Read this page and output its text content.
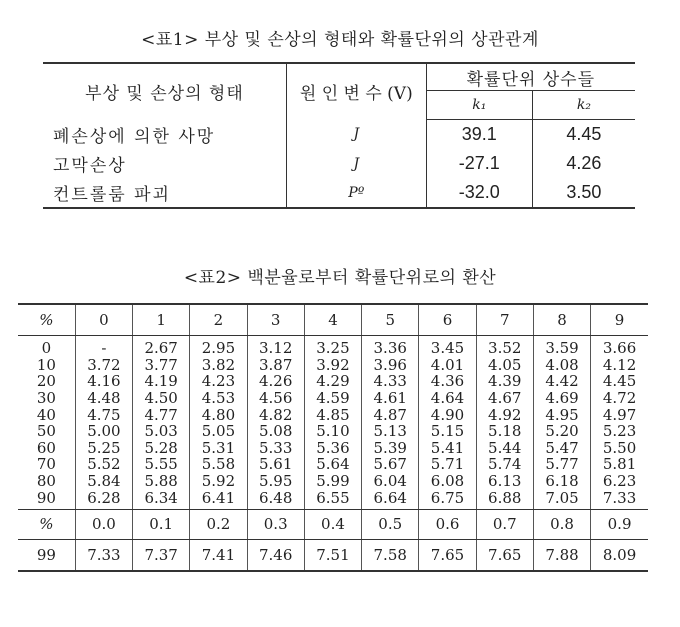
<표1> 부상 및 손상의 형태와 확률단위의 상관관계
부상 및 손상의 형태	원 인 변 수 (V)	확률단위 상수들	
		k₁	k₂
폐손상에 의한 사망	J	39.1	4.45
고막손상	J	-27.1	4.26
컨트롤룸 파괴	Pº	-32.0	3.50
<표2> 백분율로부터 확률단위로의 환산
%	0	1	2	3	4	5	6	7	8	9
0	-	2.67	2.95	3.12	3.25	3.36	3.45	3.52	3.59	3.66
10	3.72	3.77	3.82	3.87	3.92	3.96	4.01	4.05	4.08	4.12
20	4.16	4.19	4.23	4.26	4.29	4.33	4.36	4.39	4.42	4.45
30	4.48	4.50	4.53	4.56	4.59	4.61	4.64	4.67	4.69	4.72
40	4.75	4.77	4.80	4.82	4.85	4.87	4.90	4.92	4.95	4.97
50	5.00	5.03	5.05	5.08	5.10	5.13	5.15	5.18	5.20	5.23
60	5.25	5.28	5.31	5.33	5.36	5.39	5.41	5.44	5.47	5.50
70	5.52	5.55	5.58	5.61	5.64	5.67	5.71	5.74	5.77	5.81
80	5.84	5.88	5.92	5.95	5.99	6.04	6.08	6.13	6.18	6.23
90	6.28	6.34	6.41	6.48	6.55	6.64	6.75	6.88	7.05	7.33
%	0.0	0.1	0.2	0.3	0.4	0.5	0.6	0.7	0.8	0.9
99	7.33	7.37	7.41	7.46	7.51	7.58	7.65	7.65	7.88	8.09
